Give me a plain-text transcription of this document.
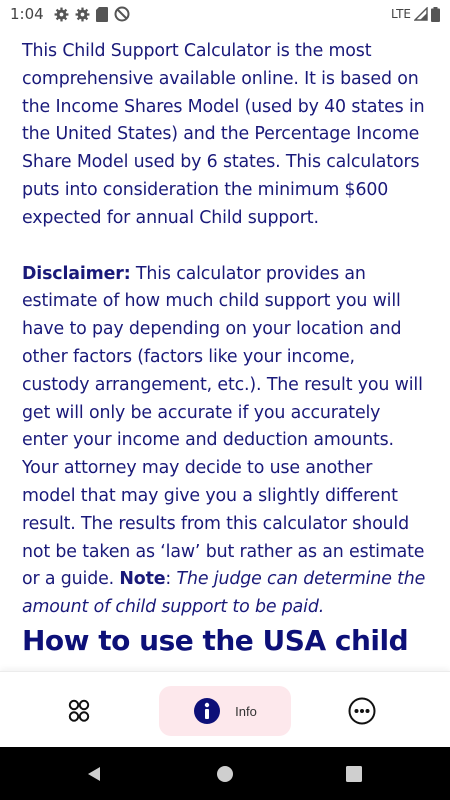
1:04	LTE

This Child Support Calculator is the most comprehensive available online. It is based on the Income Shares Model (used by 40 states in the United States) and the Percentage Income Share Model used by 6 states. This calculators puts into consideration the minimum $600 expected for annual Child support.

Disclaimer: This calculator provides an estimate of how much child support you will have to pay depending on your location and other factors (factors like your income, custody arrangement, etc.). The result you will get will only be accurate if you accurately enter your income and deduction amounts. Your attorney may decide to use another model that may give you a slightly different result. The results from this calculator should not be taken as ‘law’ but rather as an estimate or a guide. Note: The judge can determine the amount of child support to be paid.

How to use the USA child
Info
